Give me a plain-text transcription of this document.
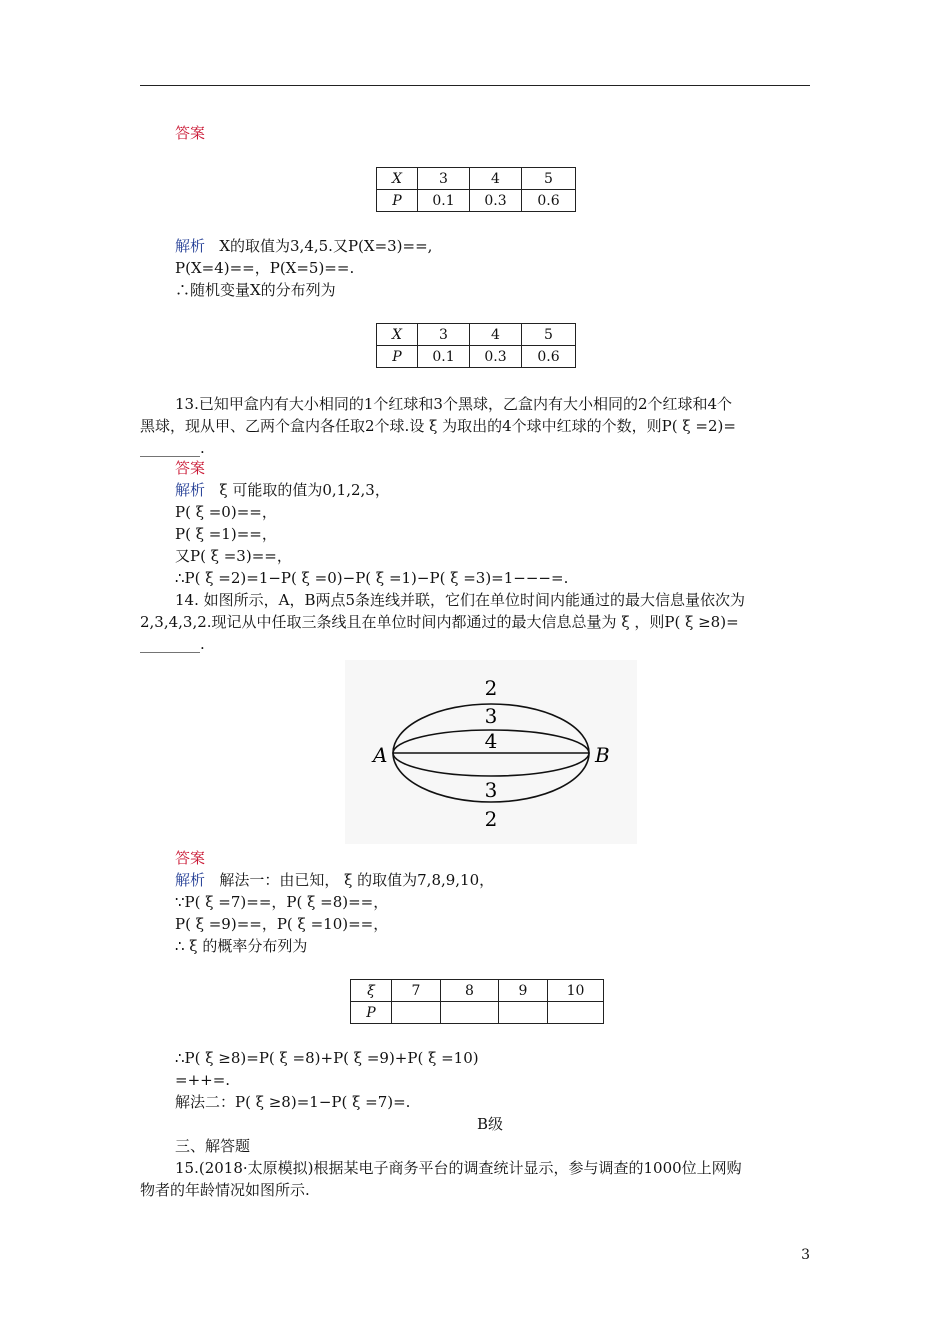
答案
X	3	4	5
P	0.1	0.3	0.6
解析 X的取值为3,4,5.又P(X=3)==,
P(X=4)==，P(X=5)==.
∴随机变量X的分布列为
X	3	4	5
P	0.1	0.3	0.6
13.已知甲盒内有大小相同的1个红球和3个黑球，乙盒内有大小相同的2个红球和4个
黑球，现从甲、乙两个盒内各任取2个球.设 ξ 为取出的4个球中红球的个数，则P( ξ =2)=
________.
答案
解析 ξ 可能取的值为0,1,2,3，
P( ξ =0)==，
P( ξ =1)==，
又P( ξ =3)==，
∴P( ξ =2)=1−P( ξ =0)−P( ξ =1)−P( ξ =3)=1−−−=.
14. 如图所示，A，B两点5条连线并联，它们在单位时间内能通过的最大信息量依次为
2,3,4,3,2.现记从中任取三条线且在单位时间内都通过的最大信息总量为 ξ ，则P( ξ ≥8)=
________.
A	B
2
3
4
3
2
答案
解析 解法一：由已知， ξ 的取值为7,8,9,10，
∵P( ξ =7)==，P( ξ =8)==，
P( ξ =9)==，P( ξ =10)==，
∴ ξ 的概率分布列为
ξ	7	8	9	10
P				
∴P( ξ ≥8)=P( ξ =8)+P( ξ =9)+P( ξ =10)
=++=.
解法二：P( ξ ≥8)=1−P( ξ =7)=.
B级
三、解答题
15.(2018·太原模拟)根据某电子商务平台的调查统计显示，参与调查的1000位上网购
物者的年龄情况如图所示.
3
